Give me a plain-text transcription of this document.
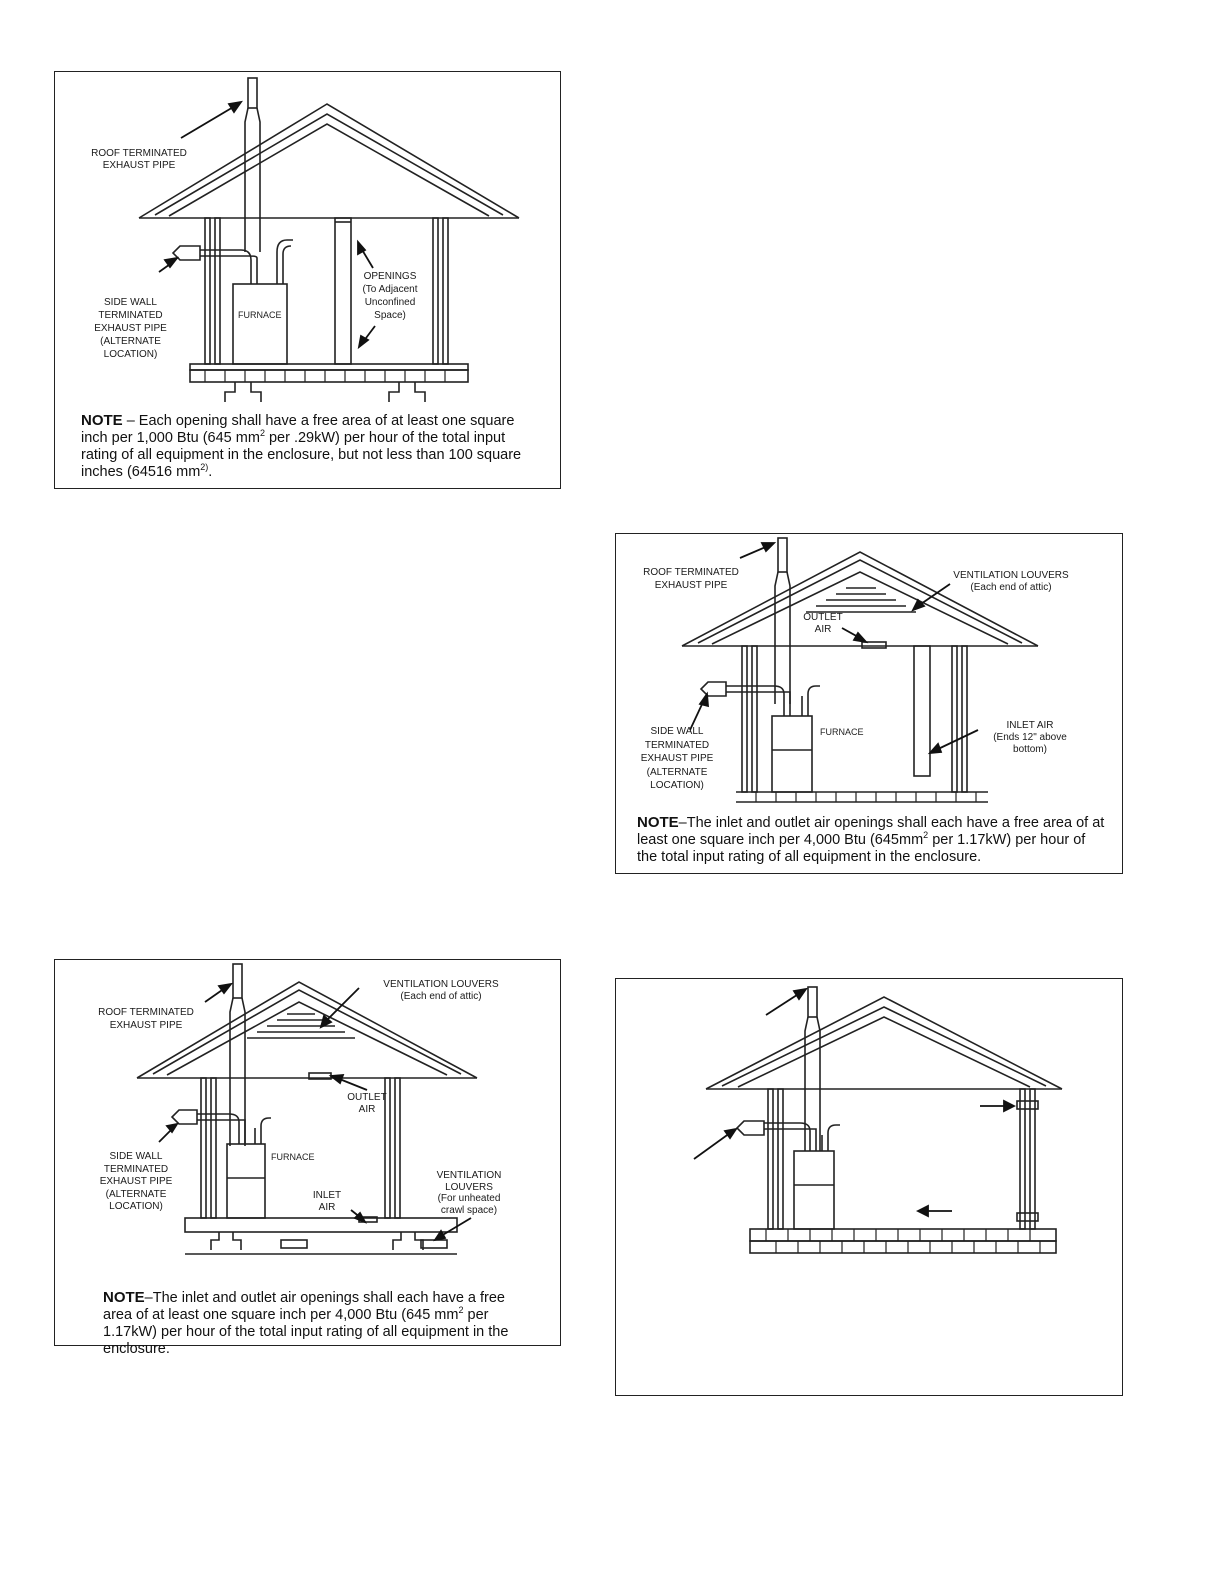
FURNACE
ROOF TERMINATED
EXHAUST PIPE
SIDE WALL
TERMINATED
EXHAUST PIPE
(ALTERNATE
LOCATION)
OPENINGS
(To Adjacent
Unconfined
Space)
NOTE – Each opening shall have a free area of at least one square inch per 1,000 Btu (645 $mm^2$ per .29kW) per hour of the total input rating of all equipment in the enclosure, but not less than 100 square inches (64516 $mm^{2)}$.
FURNACE
ROOF TERMINATED
EXHAUST PIPE
VENTILATION LOUVERS
(Each end of attic)
OUTLET
AIR
INLET AIR
(Ends 12" above
bottom)
SIDE WALL
TERMINATED
EXHAUST PIPE
(ALTERNATE
LOCATION)
NOTE–The inlet and outlet air openings shall each have a free area of at least one square inch per 4,000 Btu ($645mm^2$ per 1.17kW) per hour of the total input rating of all equipment in the enclosure.
FURNACE
ROOF TERMINATED
EXHAUST PIPE
VENTILATION LOUVERS
(Each end of attic)
OUTLET
AIR
SIDE WALL
TERMINATED
EXHAUST PIPE
(ALTERNATE
LOCATION)
INLET
AIR
VENTILATION
LOUVERS
(For unheated
crawl space)
NOTE–The inlet and outlet air openings shall each have a free area of at least one square inch per 4,000 Btu (645 $mm^2$ per 1.17kW) per hour of the total input rating of all equipment in the enclosure.
